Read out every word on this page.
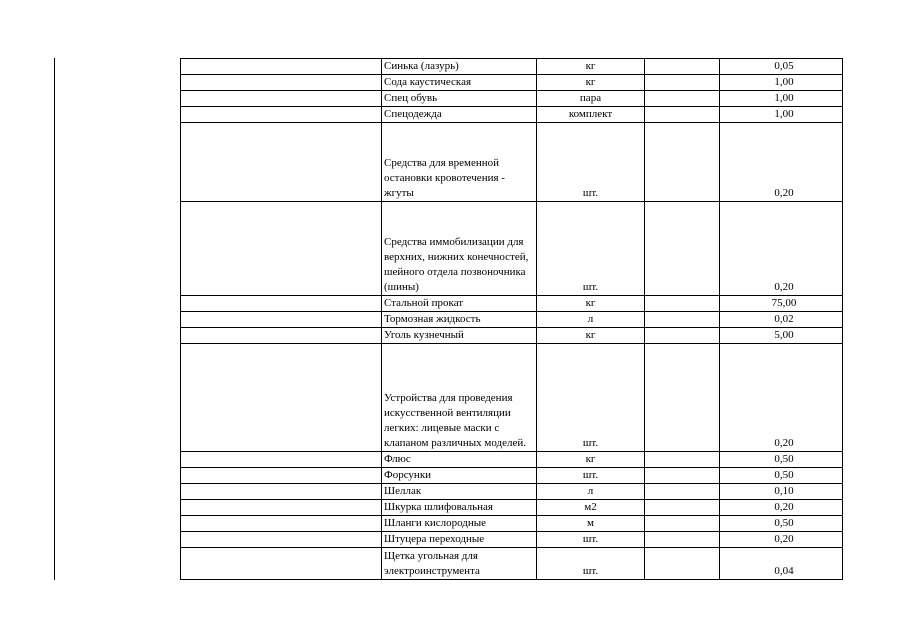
	Синька (лазурь)	кг		0,05
	Сода каустическая	кг		1,00
	Спец обувь	пара		1,00
	Спецодежда	комплект		1,00
	Средства для временной остановки кровотечения - жгуты	шт.		0,20
	Средства иммобилизации для верхних, нижних конечностей, шейного отдела позвоночника (шины)	шт.		0,20
	Стальной прокат	кг		75,00
	Тормозная жидкость	л		0,02
	Уголь кузнечный	кг		5,00
	Устройства для проведения искусственной вентиляции легких: лицевые маски с клапаном различных моделей.	шт.		0,20
	Флюс	кг		0,50
	Форсунки	шт.		0,50
	Шеллак	л		0,10
	Шкурка шлифовальная	м2		0,20
	Шланги кислородные	м		0,50
	Штуцера переходные	шт.		0,20
	Щетка угольная для электроинструмента	шт.		0,04
